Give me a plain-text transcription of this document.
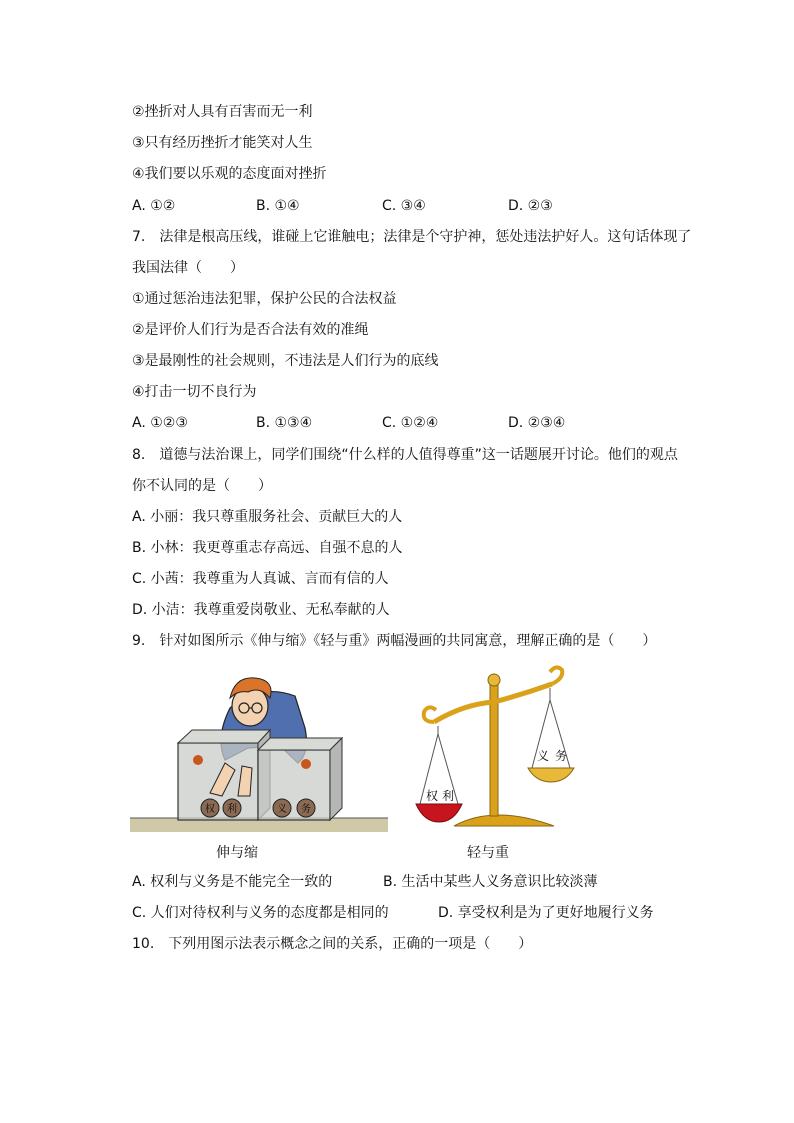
②挫折对人具有百害而无一利
③只有经历挫折才能笑对人生
④我们要以乐观的态度面对挫折
A. ①②	B. ①④	C. ③④	D. ②③
7.　法律是根高压线，谁碰上它谁触电；法律是个守护神，惩处违法护好人。这句话体现了
我国法律（　　）
①通过惩治违法犯罪，保护公民的合法权益
②是评价人们行为是否合法有效的准绳
③是最刚性的社会规则，不违法是人们行为的底线
④打击一切不良行为
A. ①②③	B. ①③④	C. ①②④	D. ②③④
8.　道德与法治课上，同学们围绕“什么样的人值得尊重”这一话题展开讨论。他们的观点
你不认同的是（　　）
A. 小丽：我只尊重服务社会、贡献巨大的人
B. 小林：我更尊重志存高远、自强不息的人
C. 小茜：我尊重为人真诚、言而有信的人
D. 小洁：我尊重爱岗敬业、无私奉献的人
9.　针对如图所示《伸与缩》《轻与重》两幅漫画的共同寓意，理解正确的是（　　）
权 利	义 务
伸与缩
权 利
义 务
轻与重
A. 权利与义务是不能完全一致的	B. 生活中某些人义务意识比较淡薄
C. 人们对待权利与义务的态度都是相同的	D. 享受权利是为了更好地履行义务
10.　下列用图示法表示概念之间的关系，正确的一项是（　　）
